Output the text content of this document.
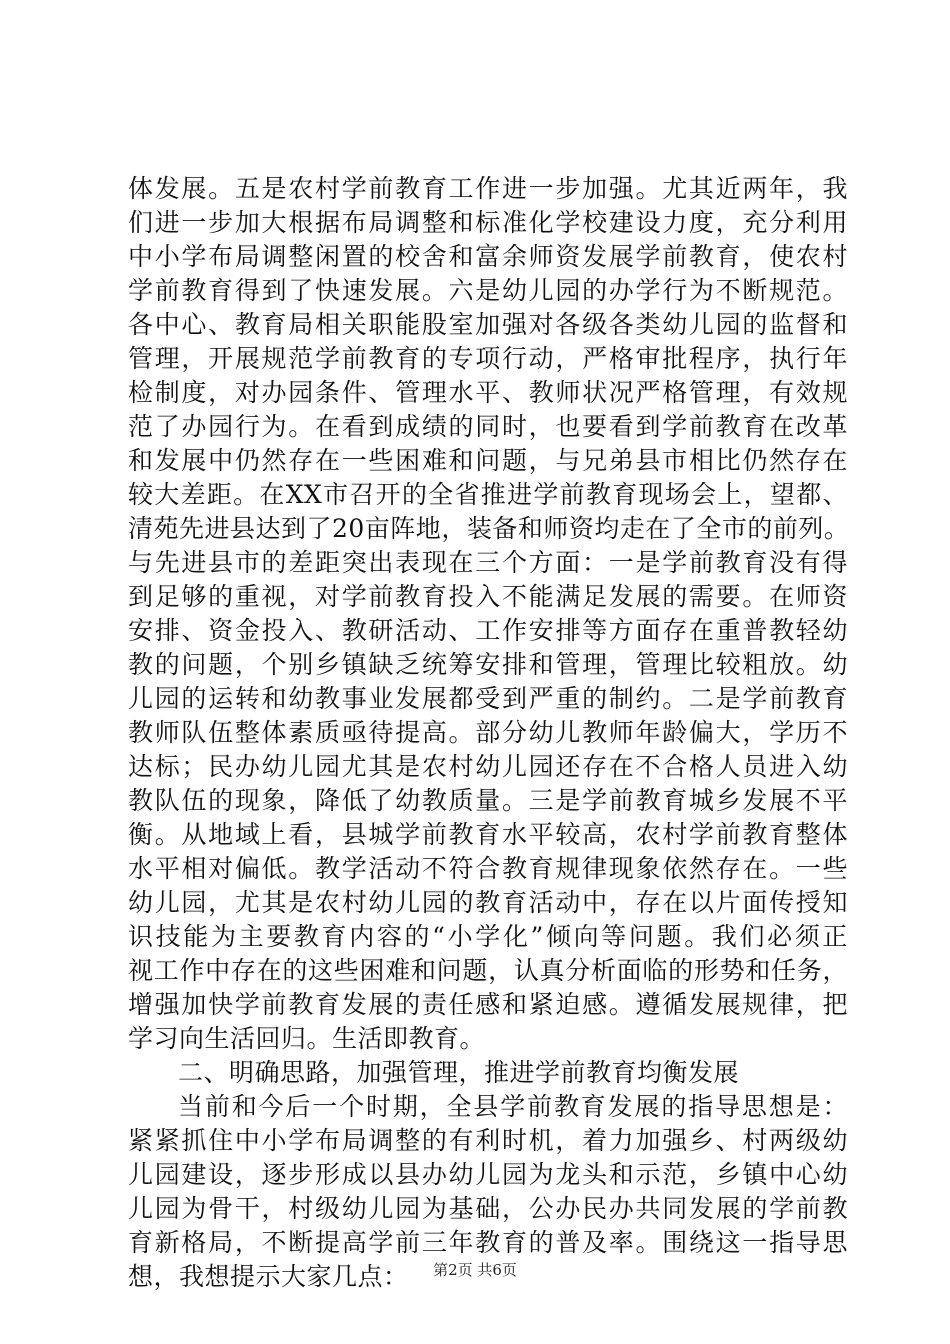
体发展。五是农村学前教育工作进一步加强。尤其近两年，我
们进一步加大根据布局调整和标准化学校建设力度，充分利用
中小学布局调整闲置的校舍和富余师资发展学前教育，使农村
学前教育得到了快速发展。六是幼儿园的办学行为不断规范。
各中心、教育局相关职能股室加强对各级各类幼儿园的监督和
管理，开展规范学前教育的专项行动，严格审批程序，执行年
检制度，对办园条件、管理水平、教师状况严格管理，有效规
范了办园行为。在看到成绩的同时，也要看到学前教育在改革
和发展中仍然存在一些困难和问题，与兄弟县市相比仍然存在
较大差距。在XX市召开的全省推进学前教育现场会上，望都、
清苑先进县达到了20亩阵地，装备和师资均走在了全市的前列。
与先进县市的差距突出表现在三个方面：一是学前教育没有得
到足够的重视，对学前教育投入不能满足发展的需要。在师资
安排、资金投入、教研活动、工作安排等方面存在重普教轻幼
教的问题，个别乡镇缺乏统筹安排和管理，管理比较粗放。幼
儿园的运转和幼教事业发展都受到严重的制约。二是学前教育
教师队伍整体素质亟待提高。部分幼儿教师年龄偏大，学历不
达标；民办幼儿园尤其是农村幼儿园还存在不合格人员进入幼
教队伍的现象，降低了幼教质量。三是学前教育城乡发展不平
衡。从地域上看，县城学前教育水平较高，农村学前教育整体
水平相对偏低。教学活动不符合教育规律现象依然存在。一些
幼儿园，尤其是农村幼儿园的教育活动中，存在以片面传授知
识技能为主要教育内容的“小学化”倾向等问题。我们必须正
视工作中存在的这些困难和问题，认真分析面临的形势和任务，
增强加快学前教育发展的责任感和紧迫感。遵循发展规律，把
学习向生活回归。生活即教育。
二、明确思路，加强管理，推进学前教育均衡发展
当前和今后一个时期，全县学前教育发展的指导思想是：
紧紧抓住中小学布局调整的有利时机，着力加强乡、村两级幼
儿园建设，逐步形成以县办幼儿园为龙头和示范，乡镇中心幼
儿园为骨干，村级幼儿园为基础，公办民办共同发展的学前教
育新格局，不断提高学前三年教育的普及率。围绕这一指导思
想，我想提示大家几点：	第2页 共6页
